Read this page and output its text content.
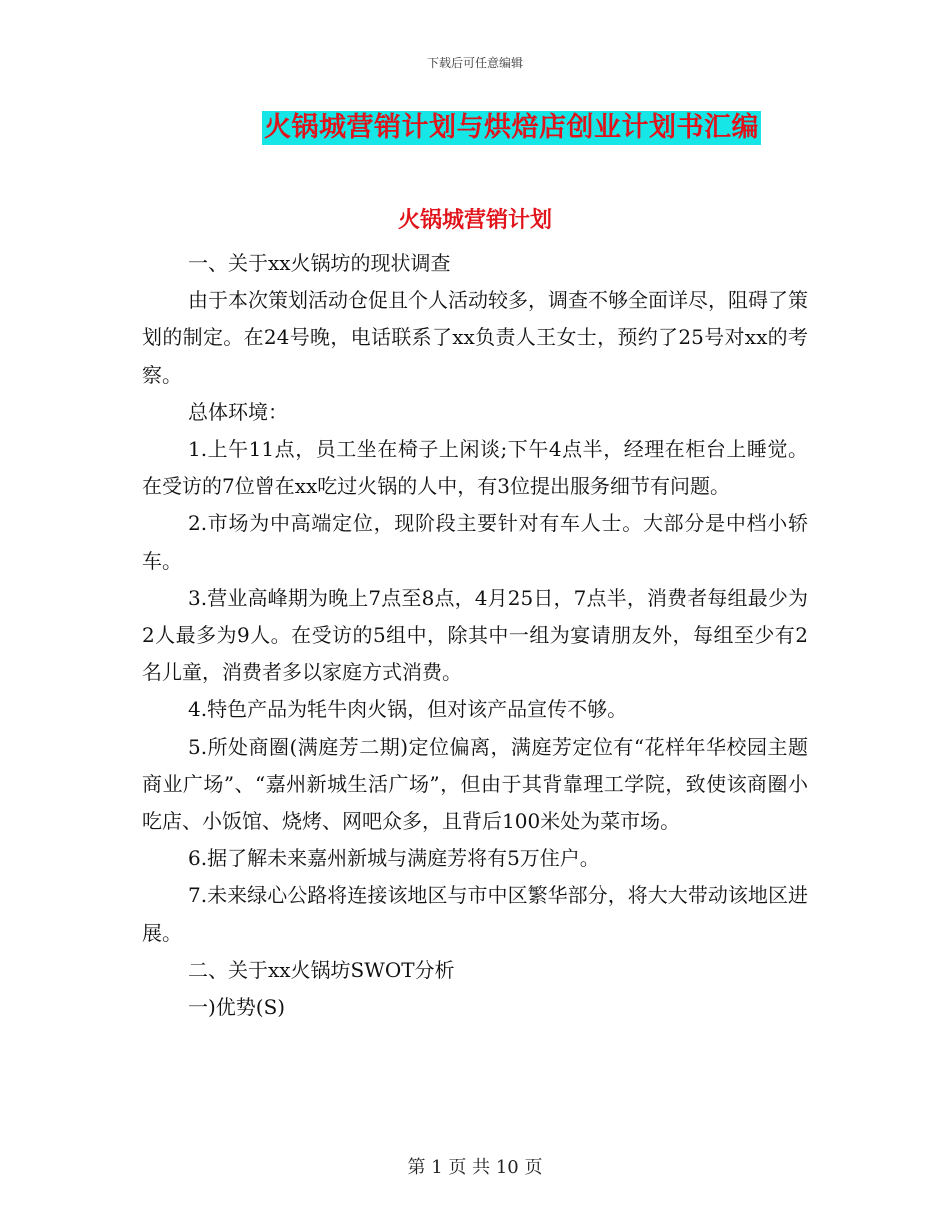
下载后可任意编辑
火锅城营销计划与烘焙店创业计划书汇编
火锅城营销计划

一、关于xx火锅坊的现状调查

由于本次策划活动仓促且个人活动较多，调查不够全面详尽，阻碍了策划的制定。在24号晚，电话联系了xx负责人王女士，预约了25号对xx的考察。

总体环境：

1.上午11点，员工坐在椅子上闲谈;下午4点半，经理在柜台上睡觉。在受访的7位曾在xx吃过火锅的人中，有3位提出服务细节有问题。

2.市场为中高端定位，现阶段主要针对有车人士。大部分是中档小轿车。

3.营业高峰期为晚上7点至8点，4月25日，7点半，消费者每组最少为2人最多为9人。在受访的5组中，除其中一组为宴请朋友外，每组至少有2名儿童，消费者多以家庭方式消费。

4.特色产品为牦牛肉火锅，但对该产品宣传不够。

5.所处商圈(满庭芳二期)定位偏离，满庭芳定位有“花样年华校园主题商业广场”、“嘉州新城生活广场”，但由于其背靠理工学院，致使该商圈小吃店、小饭馆、烧烤、网吧众多，且背后100米处为菜市场。

6.据了解未来嘉州新城与满庭芳将有5万住户。

7.未来绿心公路将连接该地区与市中区繁华部分，将大大带动该地区进展。

二、关于xx火锅坊SWOT分析

一)优势(S)

第 1 页 共 10 页
